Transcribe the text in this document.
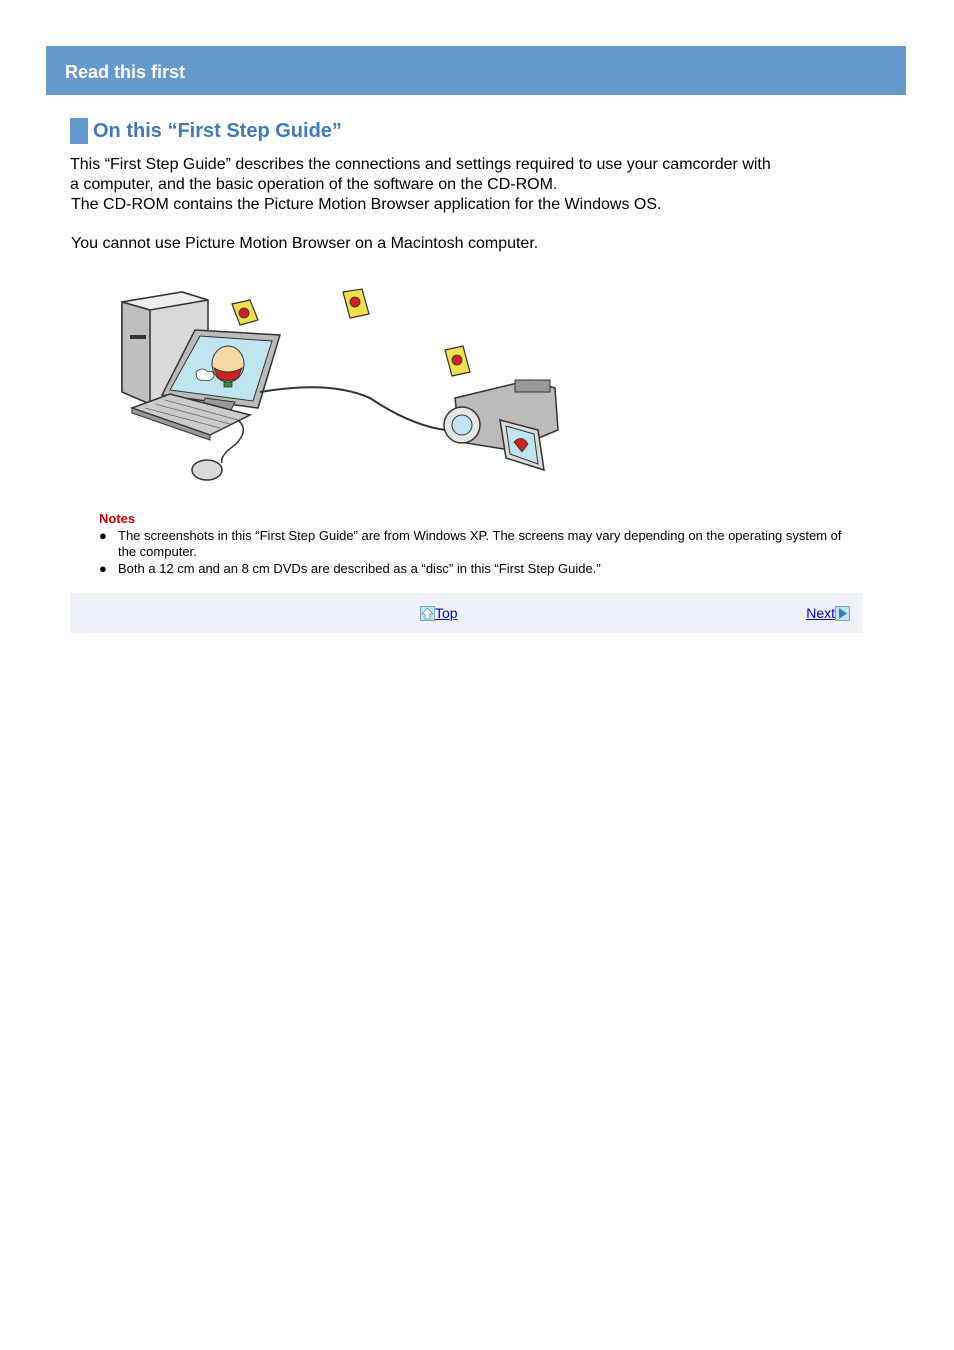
Read this first
On this “First Step Guide”

This “First Step Guide” describes the connections and settings required to use your camcorder with

a computer, and the basic operation of the software on the CD-ROM.

The CD-ROM contains the Picture Motion Browser application for the Windows OS.

You cannot use Picture Motion Browser on a Macintosh computer.

Notes
● The screenshots in this “First Step Guide” are from Windows XP. The screens may vary depending on the operating system of the computer.
● Both a 12 cm and an 8 cm DVDs are described as a “disc” in this “First Step Guide.”
Top	Next
